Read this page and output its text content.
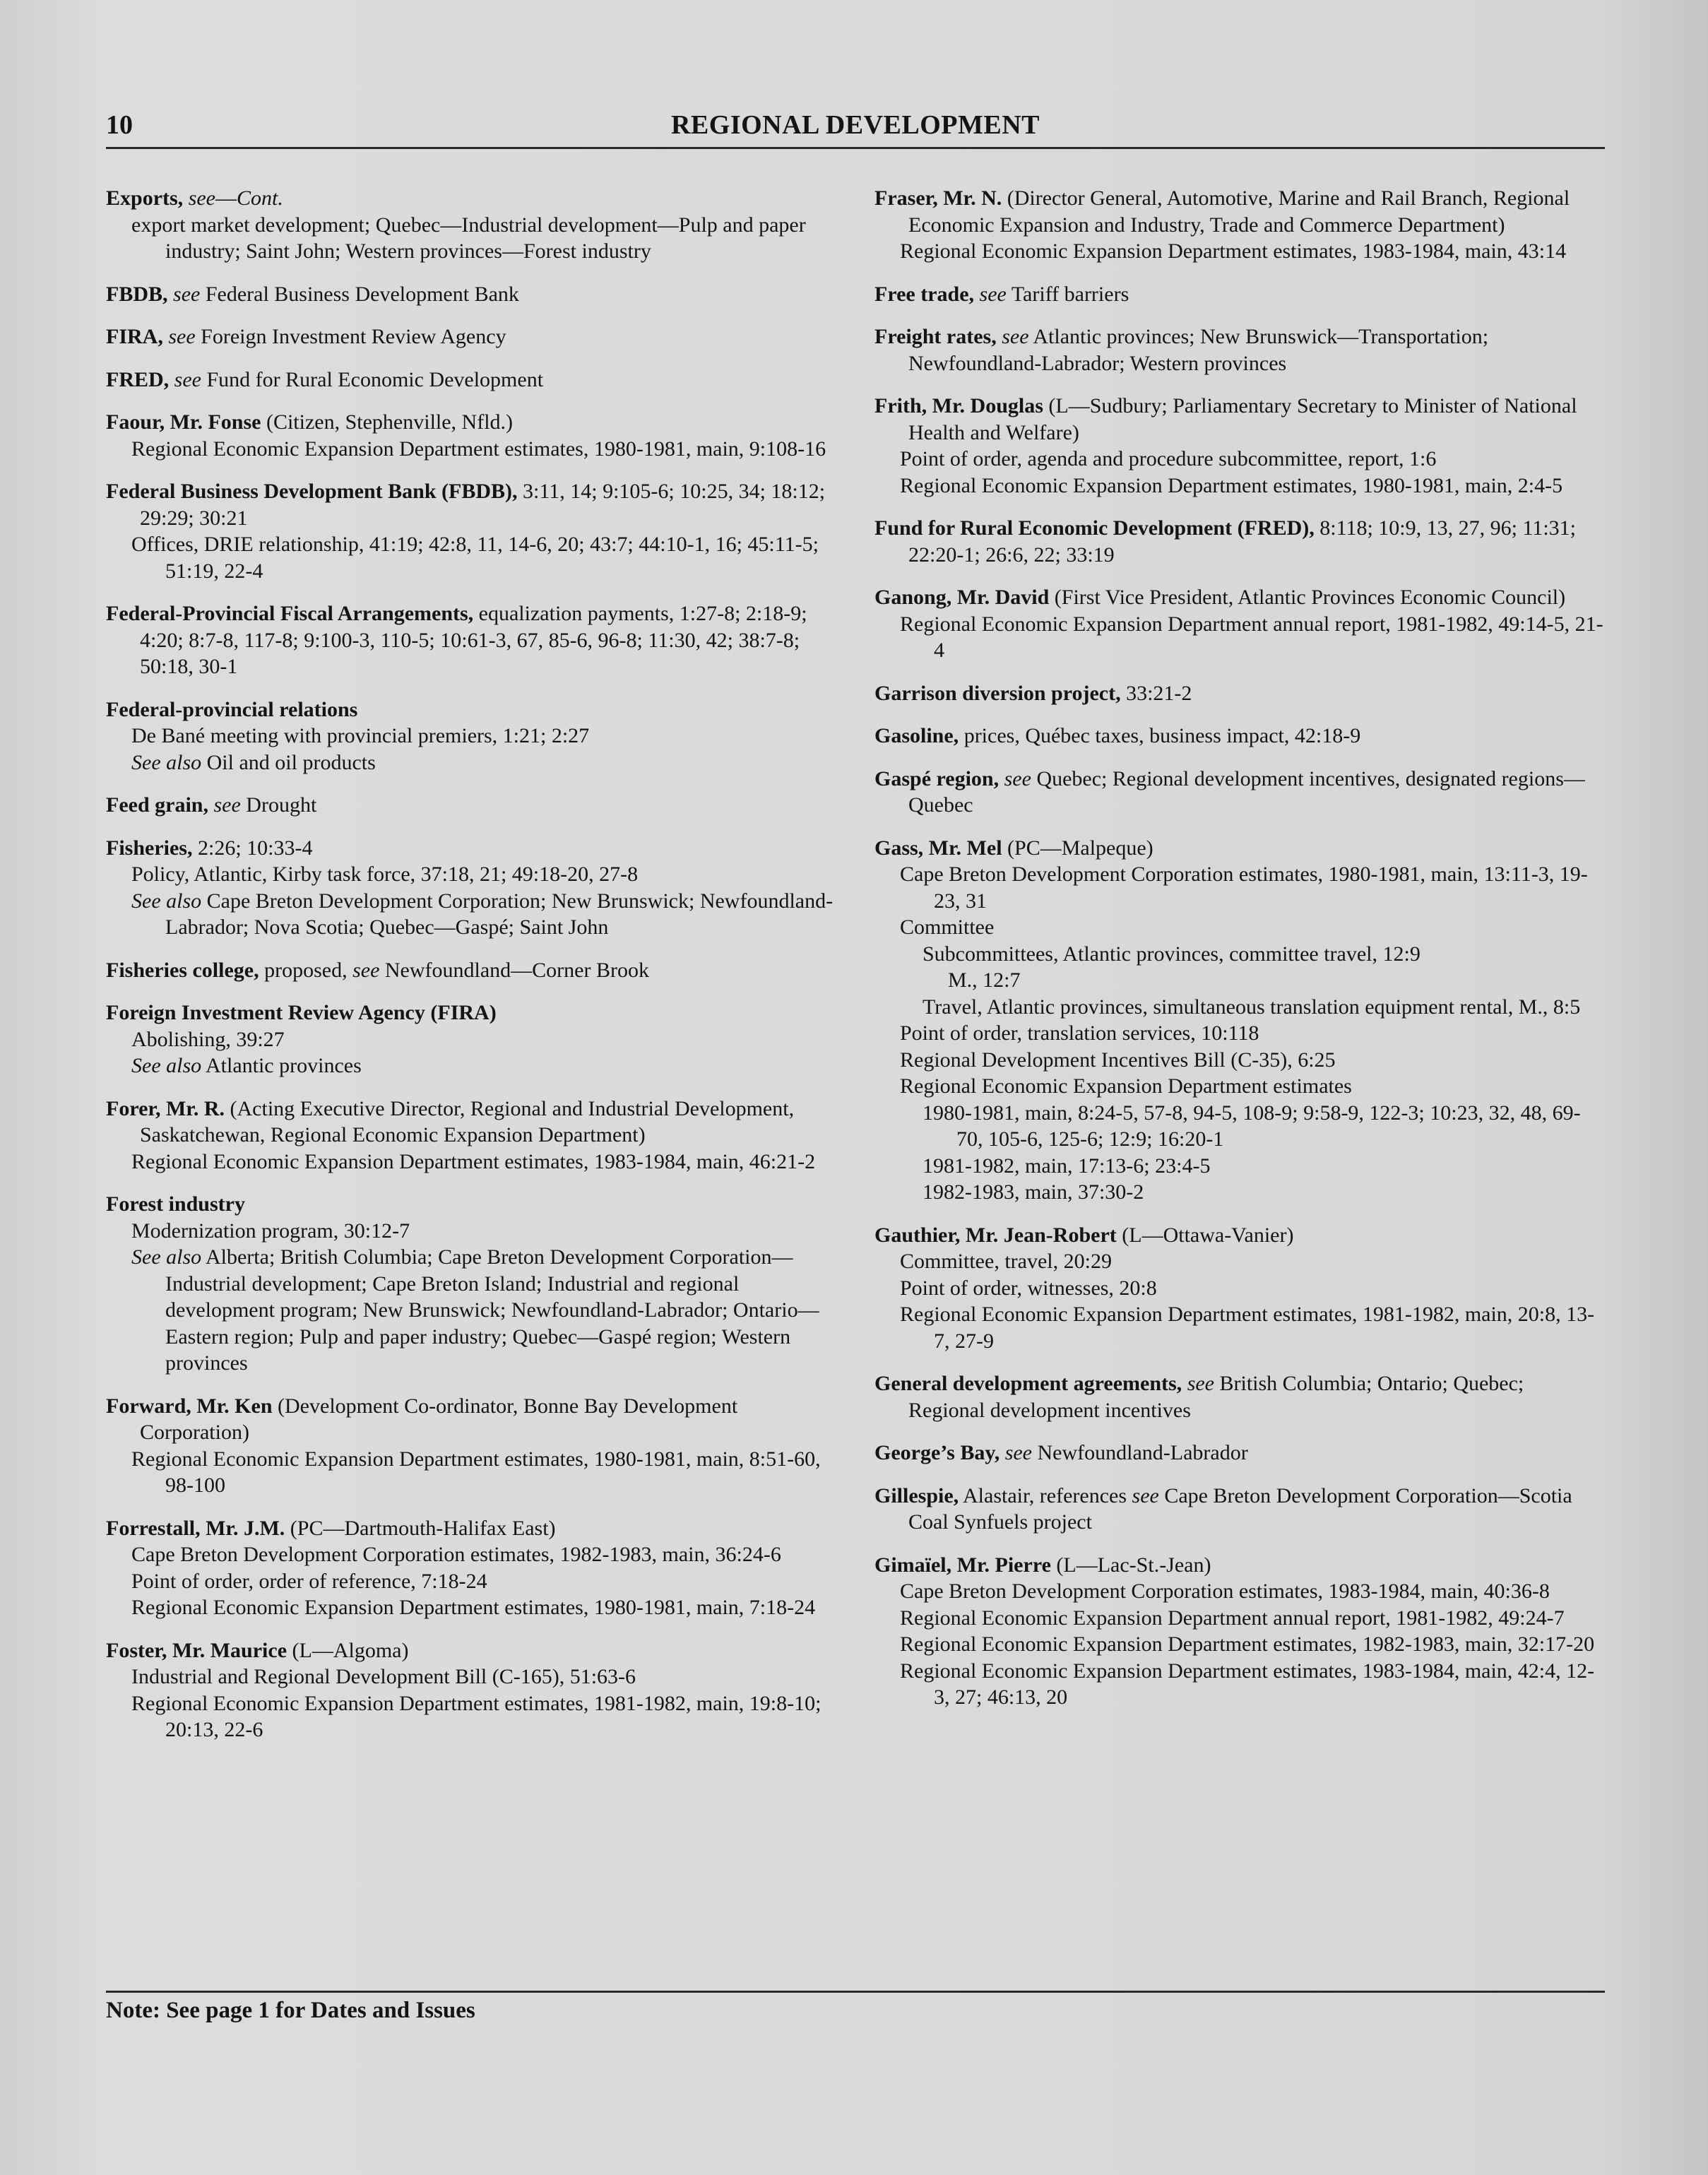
10	REGIONAL DEVELOPMENT
Exports, see—Cont.
export market development; Quebec—Industrial development—Pulp and paper industry; Saint John; Western provinces—Forest industry
FBDB, see Federal Business Development Bank
FIRA, see Foreign Investment Review Agency
FRED, see Fund for Rural Economic Development
Faour, Mr. Fonse (Citizen, Stephenville, Nfld.)
Regional Economic Expansion Department estimates, 1980-1981, main, 9:108-16
Federal Business Development Bank (FBDB), 3:11, 14; 9:105-6; 10:25, 34; 18:12; 29:29; 30:21
Offices, DRIE relationship, 41:19; 42:8, 11, 14-6, 20; 43:7; 44:10-1, 16; 45:11-5; 51:19, 22-4
Federal-Provincial Fiscal Arrangements, equalization payments, 1:27-8; 2:18-9; 4:20; 8:7-8, 117-8; 9:100-3, 110-5; 10:61-3, 67, 85-6, 96-8; 11:30, 42; 38:7-8; 50:18, 30-1
Federal-provincial relations
De Bané meeting with provincial premiers, 1:21; 2:27
See also Oil and oil products
Feed grain, see Drought
Fisheries, 2:26; 10:33-4
Policy, Atlantic, Kirby task force, 37:18, 21; 49:18-20, 27-8
See also Cape Breton Development Corporation; New Brunswick; Newfoundland-Labrador; Nova Scotia; Quebec—Gaspé; Saint John
Fisheries college, proposed, see Newfoundland—Corner Brook
Foreign Investment Review Agency (FIRA)
Abolishing, 39:27
See also Atlantic provinces
Forer, Mr. R. (Acting Executive Director, Regional and Industrial Development, Saskatchewan, Regional Economic Expansion Department)
Regional Economic Expansion Department estimates, 1983-1984, main, 46:21-2
Forest industry
Modernization program, 30:12-7
See also Alberta; British Columbia; Cape Breton Development Corporation—Industrial development; Cape Breton Island; Industrial and regional development program; New Brunswick; Newfoundland-Labrador; Ontario—Eastern region; Pulp and paper industry; Quebec—Gaspé region; Western provinces
Forward, Mr. Ken (Development Co-ordinator, Bonne Bay Development Corporation)
Regional Economic Expansion Department estimates, 1980-1981, main, 8:51-60, 98-100
Forrestall, Mr. J.M. (PC—Dartmouth-Halifax East)
Cape Breton Development Corporation estimates, 1982-1983, main, 36:24-6
Point of order, order of reference, 7:18-24
Regional Economic Expansion Department estimates, 1980-1981, main, 7:18-24
Foster, Mr. Maurice (L—Algoma)
Industrial and Regional Development Bill (C-165), 51:63-6
Regional Economic Expansion Department estimates, 1981-1982, main, 19:8-10; 20:13, 22-6
Fraser, Mr. N. (Director General, Automotive, Marine and Rail Branch, Regional Economic Expansion and Industry, Trade and Commerce Department)
Regional Economic Expansion Department estimates, 1983-1984, main, 43:14
Free trade, see Tariff barriers
Freight rates, see Atlantic provinces; New Brunswick—Transportation; Newfoundland-Labrador; Western provinces
Frith, Mr. Douglas (L—Sudbury; Parliamentary Secretary to Minister of National Health and Welfare)
Point of order, agenda and procedure subcommittee, report, 1:6
Regional Economic Expansion Department estimates, 1980-1981, main, 2:4-5
Fund for Rural Economic Development (FRED), 8:118; 10:9, 13, 27, 96; 11:31; 22:20-1; 26:6, 22; 33:19
Ganong, Mr. David (First Vice President, Atlantic Provinces Economic Council)
Regional Economic Expansion Department annual report, 1981-1982, 49:14-5, 21-4
Garrison diversion project, 33:21-2
Gasoline, prices, Québec taxes, business impact, 42:18-9
Gaspé region, see Quebec; Regional development incentives, designated regions—Quebec
Gass, Mr. Mel (PC—Malpeque)
Cape Breton Development Corporation estimates, 1980-1981, main, 13:11-3, 19-23, 31
Committee
Subcommittees, Atlantic provinces, committee travel, 12:9
M., 12:7
Travel, Atlantic provinces, simultaneous translation equipment rental, M., 8:5
Point of order, translation services, 10:118
Regional Development Incentives Bill (C-35), 6:25
Regional Economic Expansion Department estimates
1980-1981, main, 8:24-5, 57-8, 94-5, 108-9; 9:58-9, 122-3; 10:23, 32, 48, 69-70, 105-6, 125-6; 12:9; 16:20-1
1981-1982, main, 17:13-6; 23:4-5
1982-1983, main, 37:30-2
Gauthier, Mr. Jean-Robert (L—Ottawa-Vanier)
Committee, travel, 20:29
Point of order, witnesses, 20:8
Regional Economic Expansion Department estimates, 1981-1982, main, 20:8, 13-7, 27-9
General development agreements, see British Columbia; Ontario; Quebec; Regional development incentives
George’s Bay, see Newfoundland-Labrador
Gillespie, Alastair, references see Cape Breton Development Corporation—Scotia Coal Synfuels project
Gimaïel, Mr. Pierre (L—Lac-St.-Jean)
Cape Breton Development Corporation estimates, 1983-1984, main, 40:36-8
Regional Economic Expansion Department annual report, 1981-1982, 49:24-7
Regional Economic Expansion Department estimates, 1982-1983, main, 32:17-20
Regional Economic Expansion Department estimates, 1983-1984, main, 42:4, 12-3, 27; 46:13, 20
Note: See page 1 for Dates and Issues
